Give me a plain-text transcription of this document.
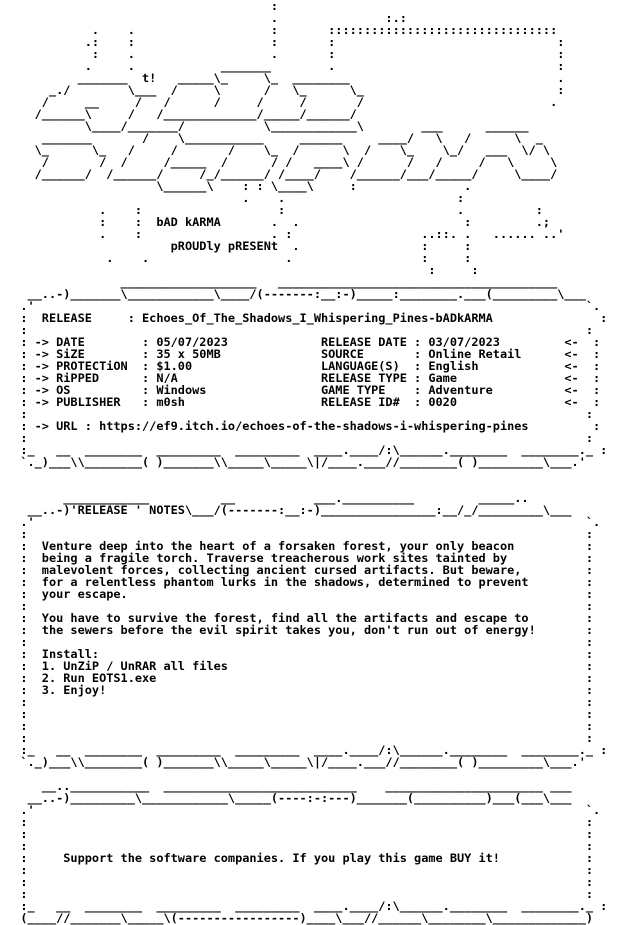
:
.               :.:
.    .                   :       ::::::::::::::::::::::::::::::::
.:    :                   :       :                               :
:    .                   .       :                               :
.     .            _______        .                               :
_______  t!   _____\_     \_  ________                             .
_./        \___  /     \      /   \_      \_                           :
/     __     /   /      /     /     /       /                          .
/______\     /   /_____________/_____/______/
\____/_______/           \____________\        ___      ______
_______       /    \___________     ______     ____/   \   /      \  _
\_      \_   /     /       /    \_  /      \  /    \_    \_/   ___  \/ \
/       /  /     /_____  /      / /   ____\ /      /   /     /   \     \
/______/  /______/     /_/______/ /____/    /______/___/_____/     \____/
\______\    : : \____\     :               .
.    .                        :
.    :                   :                        .          :
:    :  bAD kARMA       .  .                       :         .;
.    :                  . :                  ..::. .   ...... ..'
pROUDly pRESENt  .                 :     :
.    .                   .                  :     :
:     :
___________________   _______________________________________
__..-)_______\____________\____/(-------:__:-)_____:________.___(_________\___
.'                                                                             `.
:  RELEASE     : Echoes_Of_The_Shadows_I_Whispering_Pines-bADkARMA               :
:                                                                              :
: -> DATE        : 05/07/2023             RELEASE DATE : 03/07/2023         <-  :
: -> SiZE        : 35 x 50MB              SOURCE       : Online Retail      <-  :
: -> PROTECTiON  : $1.00                  LANGUAGE(S)  : English            <-  :
: -> RiPPED      : N/A                    RELEASE TYPE : Game               <-  :
: -> OS          : Windows                GAME TYPE    : Adventure          <-  :
: -> PUBLISHER   : m0sh                   RELEASE ID#  : 0020               <-  :
:                                                                              :
: -> URL : https://ef9.itch.io/echoes-of-the-shadows-i-whispering-pines         :
:                                                                              :
:_   __  ________  _________  _________  ____.____/:\______.________  ________._ :
`._)___\\________( )_______\\_____\_____\|/____.___//________( )_________\___.'
____________          __           ___.__________         _____..
__..-)'RELEASE ' NOTES\___/(-------:__:-)________________:__/_/_________\___
.'                                                                             `.
:                                                                              :
:  Venture deep into the heart of a forsaken forest, your only beacon          :
:  being a fragile torch. Traverse treacherous work sites tainted by           :
:  malevolent forces, collecting ancient cursed artifacts. But beware,         :
:  for a relentless phantom lurks in the shadows, determined to prevent        :
:  your escape.                                                                :
:                                                                              :
:  You have to survive the forest, find all the artifacts and escape to        :
:  the sewers before the evil spirit takes you, don't run out of energy!       :
:                                                                              :
:  Install:                                                                    :
:  1. UnZiP / UnRAR all files                                                  :
:  2. Run EOTS1.exe                                                            :
:  3. Enjoy!                                                                   :
:                                                                              :
:                                                                              :
:                                                                              :
:                                                                              :
:_   __  ________  _________  _________  ____.____/:\______.________  ________._ :
`._)___\\________( )_______\\_____\_____\|/____.___//________( )_________\___.'
__..___________  ___________________________    ______________________ ___
__..-)_________\____________\_____(----:-:---)_______(__________)___(___\___
.'                                                                             `.
:                                                                              :
:                                                                              :
:                                                                              :
:     Support the software companies. If you play this game BUY it!            :
:                                                                              :
:                                                                              :
:                                                                              :
:_   __  ________  _________  _________  ____.____/:\______.________  ________._ :
(____//_______\_____\(-----------------)____\___//______\________\_____________)
